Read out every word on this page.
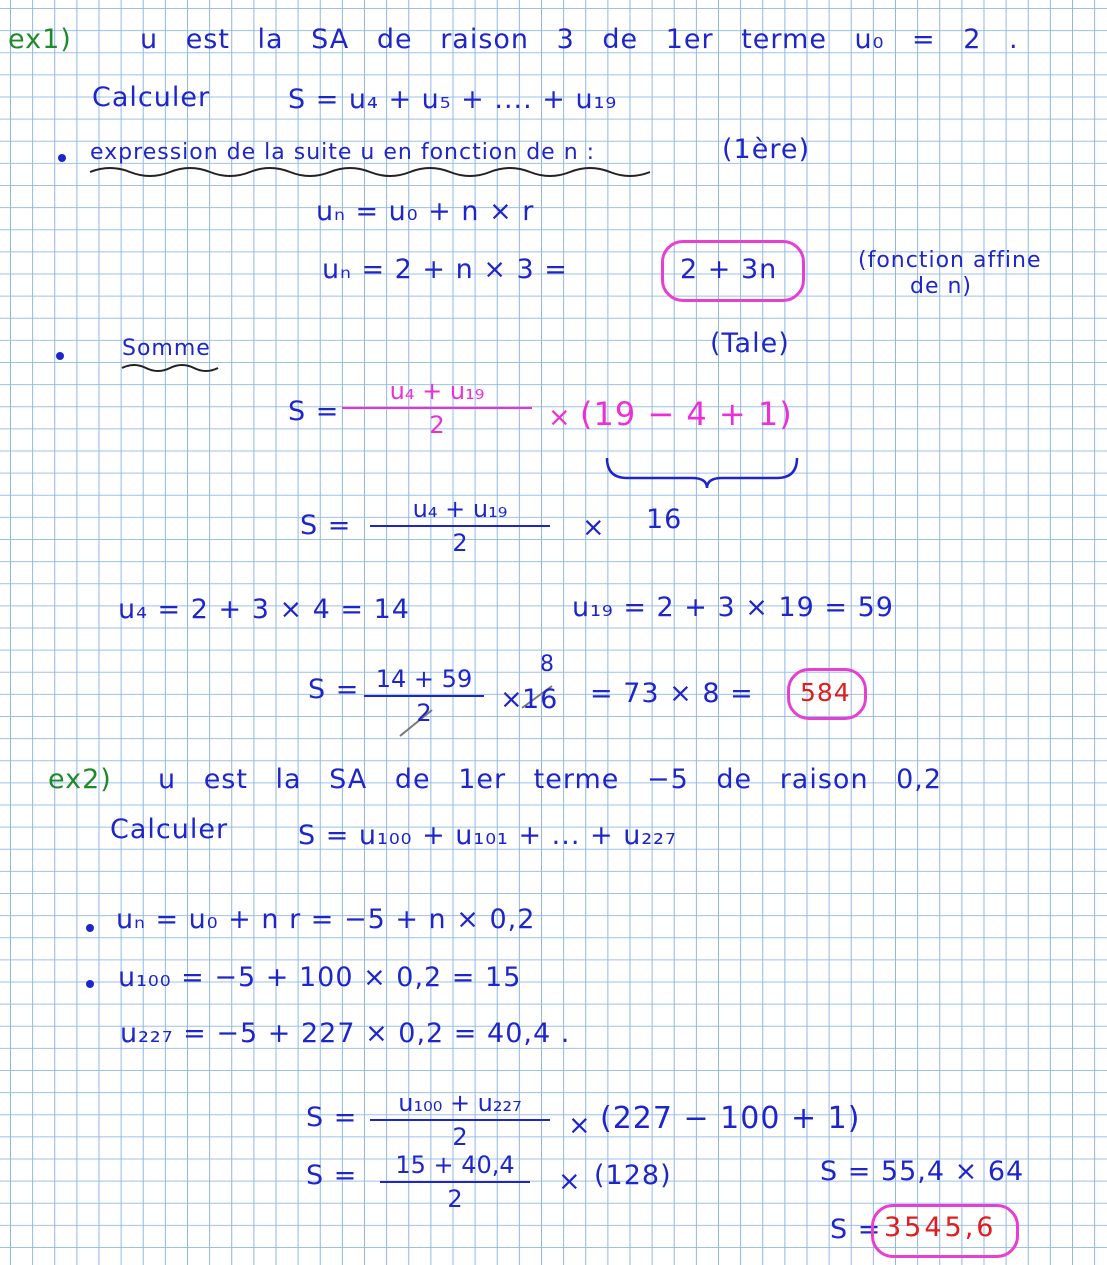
ex1)	u est la SA de raison 3 de 1er terme u₀ = 2 .
Calculer	S = u₄ + u₅ + .... + u₁₉
expression de la suite u en fonction de n :	(1ère)
uₙ = u₀ + n × r
uₙ = 2 + n × 3 =	2 + 3n	(fonction affine
de n)
Somme	(Tale)
S =
u₄ + u₁₉
2	× (19 − 4 + 1)
S =
u₄ + u₁₉
2
× 16
u₄ = 2 + 3 × 4 = 14	u₁₉ = 2 + 3 × 19 = 59
S = 14 + 59
2	×
16
8
= 73 × 8 = 584
ex2) u est la SA de 1er terme −5 de raison 0,2
Calculer	S = u₁₀₀ + u₁₀₁ + ... + u₂₂₇
uₙ = u₀ + n r = −5 + n × 0,2
u₁₀₀ = −5 + 100 × 0,2 = 15
u₂₂₇ = −5 + 227 × 0,2 = 40,4 .
S =	u₁₀₀ + u₂₂₇
2	× (227 − 100 + 1)
S =	15 + 40,4
2
× (128)	S = 55,4 × 64
S = 3545,6
